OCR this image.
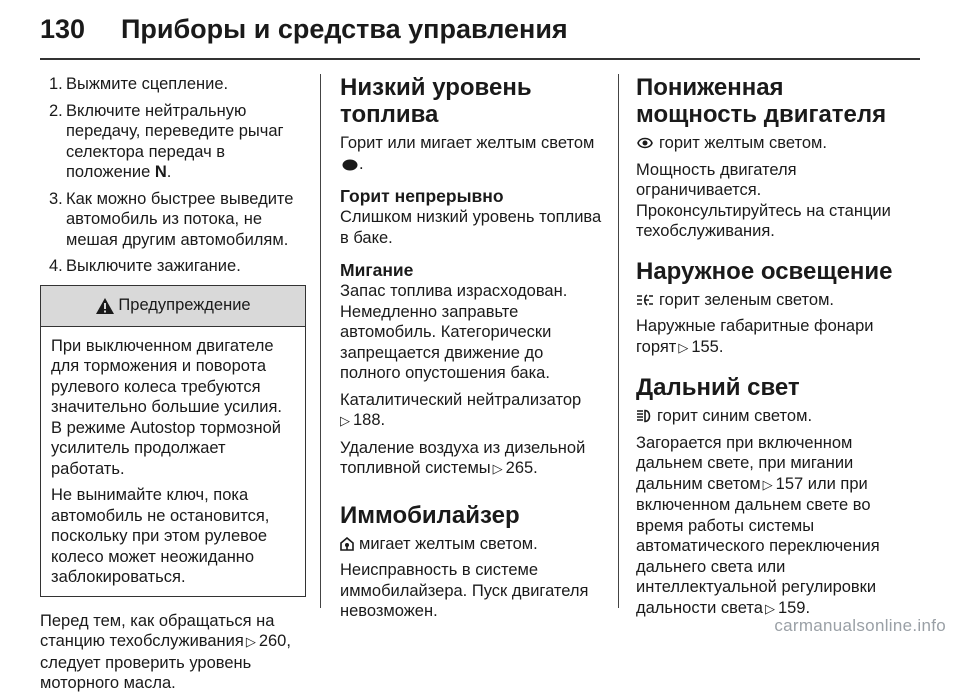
130 Приборы и средства управления
1. Выжмите сцепление.
2. Включите нейтральную передачу, переведите рычаг селектора передач в положение N.
3. Как можно быстрее выведите автомобиль из потока, не мешая другим автомобилям.
4. Выключите зажигание.
Предупреждение

При выключенном двигателе для торможения и поворота рулевого колеса требуются значительно большие усилия. В режиме Autostop тормозной усилитель продолжает работать.

Не вынимайте ключ, пока автомобиль не остановится, поскольку при этом рулевое колесо может неожиданно заблокироваться.

Перед тем, как обращаться на станцию техобслуживания ▷ 260, следует проверить уровень моторного масла.

Низкий уровень топлива

Горит или мигает желтым светом .

Горит непрерывно

Слишком низкий уровень топлива в баке.

Мигание

Запас топлива израсходован. Немедленно заправьте автомобиль. Категорически запрещается движение до полного опустошения бака.

Каталитический нейтрализатор
▷ 188.

Удаление воздуха из дизельной топливной системы ▷ 265.

Иммобилайзер

мигает желтым светом.

Неисправность в системе иммобилайзера. Пуск двигателя невозможен.

Пониженная мощность двигателя

горит желтым светом.

Мощность двигателя ограничивается. Проконсультируйтесь на станции техобслуживания.

Наружное освещение

горит зеленым светом.

Наружные габаритные фонари горят ▷ 155.

Дальний свет

горит синим светом.

Загорается при включенном дальнем свете, при мигании дальним светом ▷ 157 или при включенном дальнем свете во время работы системы автоматического переключения дальнего света или интеллектуальной регулировки дальности света ▷ 159.

carmanualsonline.info
